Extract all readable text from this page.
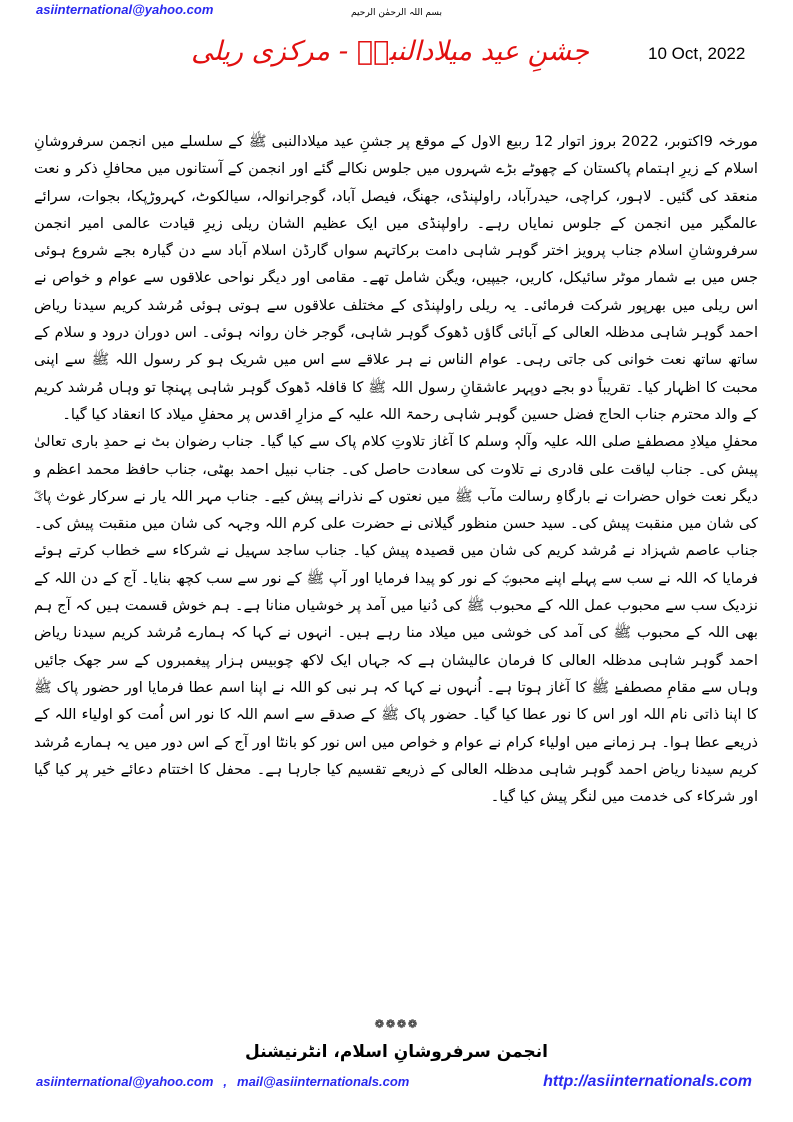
asiinternational@yahoo.com	بسم اللہ الرحمٰن الرحیم
10 Oct, 2022
جشنِ عید میلادالنبیؐ - مرکزی ریلی

مورخہ 9اکتوبر، 2022 بروز اتوار 12 ربیع الاول کے موقع پر جشنِ عید میلادالنبی ﷺ کے سلسلے میں انجمن سرفروشانِ اسلام کے زیرِ اہتمام پاکستان کے چھوٹے بڑے شہروں میں جلوس نکالے گئے اور انجمن کے آستانوں میں محافلِ ذکر و نعت منعقد کی گئیں۔ لاہور، کراچی، حیدرآباد، راولپنڈی، جھنگ، فیصل آباد، گوجرانوالہ، سیالکوٹ، کہروڑپکا، بجوات، سرائے عالمگیر میں انجمن کے جلوس نمایاں رہے۔ راولپنڈی میں ایک عظیم الشان ریلی زیرِ قیادت عالمی امیر انجمن سرفروشانِ اسلام جناب پرویز اختر گوہر شاہی دامت برکاتہم سواں گارڈن اسلام آباد سے دن گیارہ بجے شروع ہوئی جس میں بے شمار موٹر سائیکل، کاریں، جیپیں، ویگن شامل تھے۔ مقامی اور دیگر نواحی علاقوں سے عوام و خواص نے اس ریلی میں بھرپور شرکت فرمائی۔ یہ ریلی راولپنڈی کے مختلف علاقوں سے ہوتی ہوئی مُرشد کریم سیدنا ریاض احمد گوہر شاہی مدظلہ العالی کے آبائی گاؤں ڈھوک گوہر شاہی، گوجر خان روانہ ہوئی۔ اس دوران درود و سلام کے ساتھ ساتھ نعت خوانی کی جاتی رہی۔ عوام الناس نے ہر علاقے سے اس میں شریک ہو کر رسول اللہ ﷺ سے اپنی محبت کا اظہار کیا۔ تقریباً دو بجے دوپہر عاشقانِ رسول اللہ ﷺ کا قافلہ ڈھوک گوہر شاہی پہنچا تو وہاں مُرشد کریم کے والد محترم جناب الحاج فضل حسین گوہر شاہی رحمۃ اللہ علیہ کے مزارِ اقدس پر محفلِ میلاد کا انعقاد کیا گیا۔

محفلِ میلادِ مصطفےٰ صلی اللہ علیہ وآلہٖ وسلم کا آغاز تلاوتِ کلام پاک سے کیا گیا۔ جناب رضوان بٹ نے حمدِ باری تعالیٰ پیش کی۔ جناب لیاقت علی قادری نے تلاوت کی سعادت حاصل کی۔ جناب نبیل احمد بھٹی، جناب حافظ محمد اعظم و دیگر نعت خواں حضرات نے بارگاہِ رسالت مآب ﷺ میں نعتوں کے نذرانے پیش کیے۔ جناب مہر اللہ یار نے سرکار غوث پاکؓ کی شان میں منقبت پیش کی۔ سید حسن منظور گیلانی نے حضرت علی کرم اللہ وجہہ کی شان میں منقبت پیش کی۔ جناب عاصم شہزاد نے مُرشد کریم کی شان میں قصیدہ پیش کیا۔ جناب ساجد سہیل نے شرکاء سے خطاب کرتے ہوئے فرمایا کہ اللہ نے سب سے پہلے اپنے محبوبؐ کے نور کو پیدا فرمایا اور آپ ﷺ کے نور سے سب کچھ بنایا۔ آج کے دن اللہ کے نزدیک سب سے محبوب عمل اللہ کے محبوب ﷺ کی دُنیا میں آمد پر خوشیاں منانا ہے۔ ہم خوش قسمت ہیں کہ آج ہم بھی اللہ کے محبوب ﷺ کی آمد کی خوشی میں میلاد منا رہے ہیں۔ انہوں نے کہا کہ ہمارے مُرشد کریم سیدنا ریاض احمد گوہر شاہی مدظلہ العالی کا فرمان عالیشان ہے کہ جہاں ایک لاکھ چوبیس ہزار پیغمبروں کے سر جھک جائیں وہاں سے مقامِ مصطفےٰ ﷺ کا آغاز ہوتا ہے۔ اُنہوں نے کہا کہ ہر نبی کو اللہ نے اپنا اسم عطا فرمایا اور حضور پاک ﷺ کا اپنا ذاتی نام اللہ اور اس کا نور عطا کیا گیا۔ حضور پاک ﷺ کے صدقے سے اسم اللہ کا نور اس اُمت کو اولیاء اللہ کے ذریعے عطا ہوا۔ ہر زمانے میں اولیاء کرام نے عوام و خواص میں اس نور کو بانٹا اور آج کے اس دور میں یہ ہمارے مُرشد کریم سیدنا ریاض احمد گوہر شاہی مدظلہ العالی کے ذریعے تقسیم کیا جارہا ہے۔ محفل کا اختتام دعائے خیر پر کیا گیا اور شرکاء کی خدمت میں لنگر پیش کیا گیا۔

❁❁❁❁
انجمن سرفروشانِ اسلام، انٹرنیشنل
asiinternational@yahoo.com , mail@asiinternationals.com	http://asiinternationals.com
